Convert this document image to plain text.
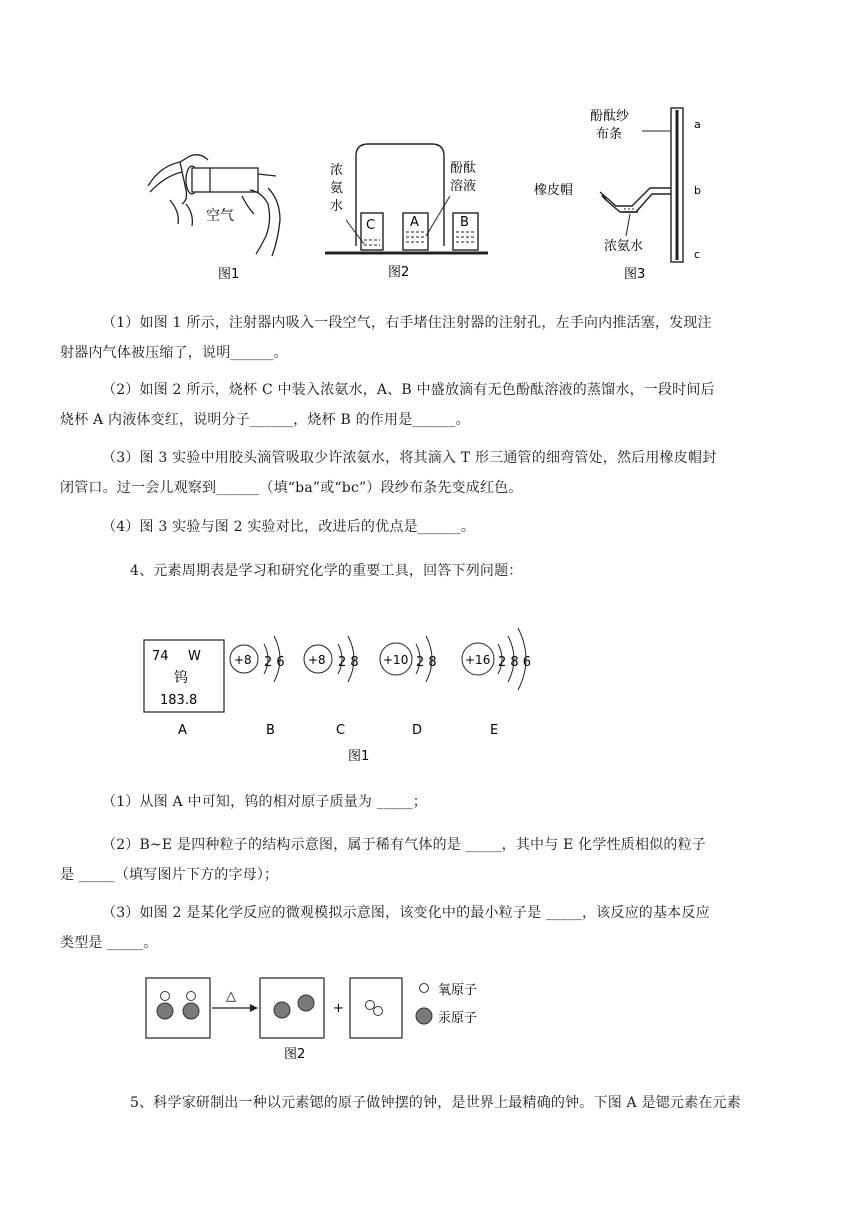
空气
图1
C	A	B
浓
氨
水
酚酞
溶液
图2
酚酞纱
布条
橡皮帽
浓氨水
a
b
c
图3

（1）如图 1 所示，注射器内吸入一段空气，右手堵住注射器的注射孔，左手向内推活塞，发现注
射器内气体被压缩了，说明______。

（2）如图 2 所示，烧杯 C 中装入浓氨水，A、B 中盛放滴有无色酚酞溶液的蒸馏水，一段时间后
烧杯 A 内液体变红，说明分子______，烧杯 B 的作用是______。

（3）图 3 实验中用胶头滴管吸取少许浓氨水，将其滴入 T 形三通管的细弯管处，然后用橡皮帽封
闭管口。过一会儿观察到______（填“ba”或“bc”）段纱布条先变成红色。

（4）图 3 实验与图 2 实验对比，改进后的优点是______。

4、元素周期表是学习和研究化学的重要工具，回答下列问题：

74 W
钨
183.8
+8 2 6 +8 2 8 +10 2 8 +16 2 8 6
A	B	C	D	E
图1

（1）从图 A 中可知，钨的相对原子质量为 _____；

（2）B~E 是四种粒子的结构示意图，属于稀有气体的是 _____，其中与 E 化学性质相似的粒子
是 _____（填写图片下方的字母）；

（3）如图 2 是某化学反应的微观模拟示意图，该变化中的最小粒子是 _____，该反应的基本反应
类型是 _____。

△
+
氧原子
汞原子
图2

5、科学家研制出一种以元素锶的原子做钟摆的钟，是世界上最精确的钟。下图 A 是锶元素在元素
